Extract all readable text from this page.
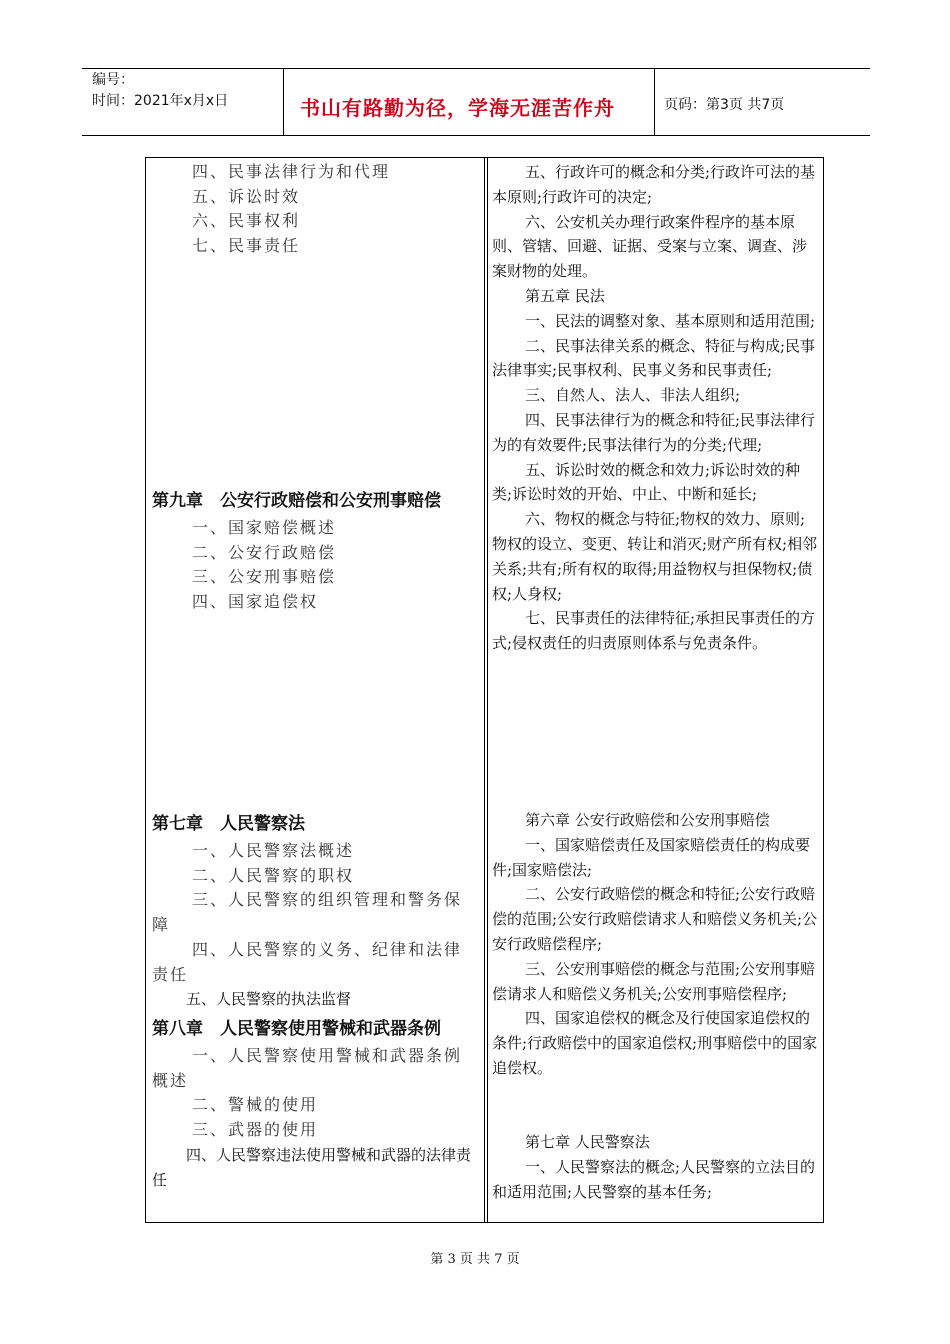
编号：
时间：2021年x月x日	书山有路勤为径，学海无涯苦作舟	页码：第3页 共7页
四、民事法律行为和代理
五、诉讼时效
六、民事权利
七、民事责任
第九章　公安行政赔偿和公安刑事赔偿
一、国家赔偿概述
二、公安行政赔偿
三、公安刑事赔偿
四、国家追偿权
第七章　人民警察法
一、人民警察法概述
二、人民警察的职权
三、人民警察的组织管理和警务保障
四、人民警察的义务、纪律和法律责任
五、人民警察的执法监督
第八章　人民警察使用警械和武器条例
一、人民警察使用警械和武器条例概述
二、警械的使用
三、武器的使用
四、人民警察违法使用警械和武器的法律责任

五、行政许可的概念和分类;行政许可法的基本原则;行政许可的决定;

六、公安机关办理行政案件程序的基本原则、管辖、回避、证据、受案与立案、调查、涉案财物的处理。

第五章 民法

一、民法的调整对象、基本原则和适用范围;

二、民事法律关系的概念、特征与构成;民事法律事实;民事权利、民事义务和民事责任;

三、自然人、法人、非法人组织;

四、民事法律行为的概念和特征;民事法律行为的有效要件;民事法律行为的分类;代理;

五、诉讼时效的概念和效力;诉讼时效的种类;诉讼时效的开始、中止、中断和延长;

六、物权的概念与特征;物权的效力、原则;物权的设立、变更、转让和消灭;财产所有权;相邻关系;共有;所有权的取得;用益物权与担保物权;债权;人身权;

七、民事责任的法律特征;承担民事责任的方式;侵权责任的归责原则体系与免责条件。

第六章 公安行政赔偿和公安刑事赔偿

一、国家赔偿责任及国家赔偿责任的构成要件;国家赔偿法;

二、公安行政赔偿的概念和特征;公安行政赔偿的范围;公安行政赔偿请求人和赔偿义务机关;公安行政赔偿程序;

三、公安刑事赔偿的概念与范围;公安刑事赔偿请求人和赔偿义务机关;公安刑事赔偿程序;

四、国家追偿权的概念及行使国家追偿权的条件;行政赔偿中的国家追偿权;刑事赔偿中的国家追偿权。

第七章 人民警察法

一、人民警察法的概念;人民警察的立法目的和适用范围;人民警察的基本任务;

第 3 页 共 7 页
